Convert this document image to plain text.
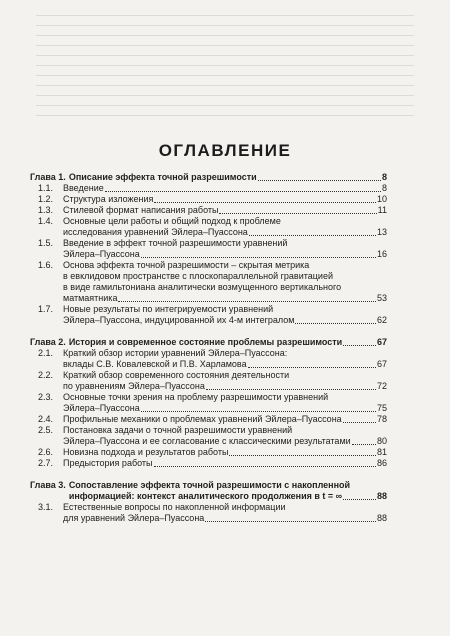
ОГЛАВЛЕНИЕ
Глава 1. Описание эффекта точной разрешимости	8
1.1.	Введение	8
1.2.	Структура изложения	10
1.3.	Стилевой формат написания работы	11
1.4.	Основные цели работы и общий подход к проблеме
исследования уравнений Эйлера–Пуассона	13
1.5.	Введение в эффект точной разрешимости уравнений
Эйлера–Пуассона	16
1.6.	Основа эффекта точной разрешимости – скрытая метрика
в евклидовом пространстве с плоскопараллельной гравитацией
в виде гамильтониана аналитически возмущенного вертикального
матмаятника	53
1.7.	Новые результаты по интегрируемости уравнений
Эйлера–Пуассона, индуцированной их 4-м интегралом	62
Глава 2. История и современное состояние проблемы разрешимости	67
2.1.	Краткий обзор истории уравнений Эйлера–Пуассона:
вклады С.В. Ковалевской и П.В. Харламова	67
2.2.	Краткий обзор современного состояния деятельности
по уравнениям Эйлера–Пуассона	72
2.3.	Основные точки зрения на проблему разрешимости уравнений
Эйлера–Пуассона	75
2.4.	Профильные механики о проблемах уравнений Эйлера–Пуассона	78
2.5.	Постановка задачи о точной разрешимости уравнений
Эйлера–Пуассона и ее согласование с классическими результатами	80
2.6.	Новизна подхода и результатов работы	81
2.7.	Предыстория работы	86
Глава 3. Сопоставление эффекта точной разрешимости с накопленной
информацией: контекст аналитического продолжения в t = ∞	88
3.1.	Естественные вопросы по накопленной информации
для уравнений Эйлера–Пуассона	88
